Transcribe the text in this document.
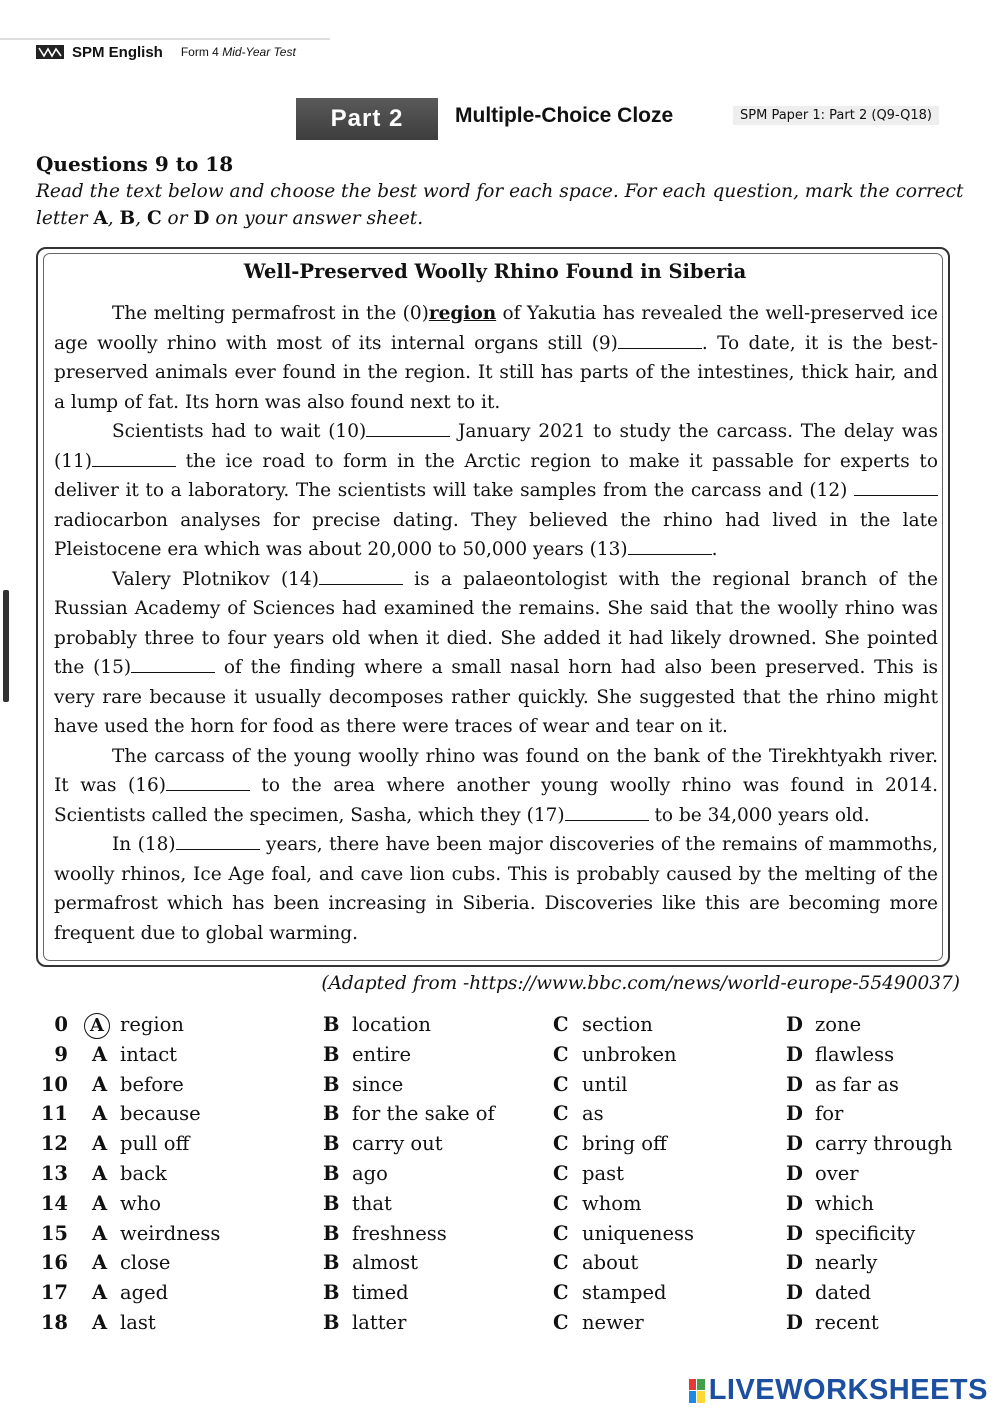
SPM English Form 4 Mid-Year Test
Part 2	Multiple-Choice Cloze	SPM Paper 1: Part 2 (Q9-Q18)
Questions 9 to 18
Read the text below and choose the best word for each space. For each question, mark the correct letter A, B, C or D on your answer sheet.
Well-Preserved Woolly Rhino Found in Siberia

The melting permafrost in the (0)region of Yakutia has revealed the well-preserved ice age woolly rhino with most of its internal organs still (9)	. To date, it is the best-preserved animals ever found in the region. It still has parts of the intestines, thick hair, and a lump of fat. Its horn was also found next to it.

Scientists had to wait (10)	January 2021 to study the carcass. The delay was (11)	the ice road to form in the Arctic region to make it passable for experts to deliver it to a laboratory. The scientists will take samples from the carcass and (12)  radiocarbon analyses for precise dating. They believed the rhino had lived in the late Pleistocene era which was about 20,000 to 50,000 years (13)	.

Valery Plotnikov (14)	is a palaeontologist with the regional branch of the Russian Academy of Sciences had examined the remains. She said that the woolly rhino was probably three to four years old when it died. She added it had likely drowned. She pointed the (15)	of the finding where a small nasal horn had also been preserved. This is very rare because it usually decomposes rather quickly. She suggested that the rhino might have used the horn for food as there were traces of wear and tear on it.

The carcass of the young woolly rhino was found on the bank of the Tirekhtyakh river. It was (16)	to the area where another young woolly rhino was found in 2014. Scientists called the specimen, Sasha, which they (17)	to be 34,000 years old.

In (18)	years, there have been major discoveries of the remains of mammoths, woolly rhinos, Ice Age foal, and cave lion cubs. This is probably caused by the melting of the permafrost which has been increasing in Siberia. Discoveries like this are becoming more frequent due to global warming.

(Adapted from -https://www.bbc.com/news/world-europe-55490037)
0	A region	B location	C section	D zone
9 A intact	B entire	C unbroken	D flawless
10 A before	B since	C until	D as far as
11 A because	B for the sake of	C as	D for
12 A pull off	B carry out	C bring off	D carry through
13 A back	B ago	C past	D over
14 A who	B that	C whom	D which
15 A weirdness	B freshness	C uniqueness	D specificity
16 A close	B almost	C about	D nearly
17 A aged	B timed	C stamped	D dated
18 A last	B latter	C newer	D recent
LIVEWORKSHEETS
